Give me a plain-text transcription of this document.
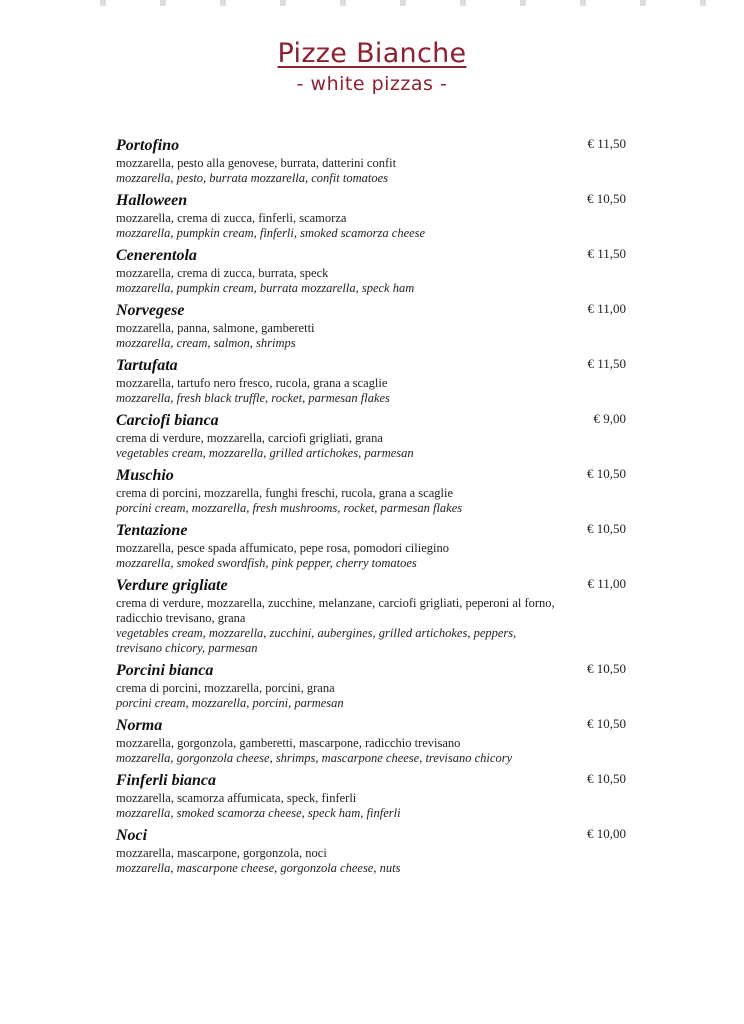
Pizze Bianche
- white pizzas -
Portofino	€ 11,50
mozzarella, pesto alla genovese, burrata, datterini confit
mozzarella, pesto, burrata mozzarella, confit tomatoes
Halloween	€ 10,50
mozzarella, crema di zucca, finferli, scamorza
mozzarella, pumpkin cream, finferli, smoked scamorza cheese
Cenerentola	€ 11,50
mozzarella, crema di zucca, burrata, speck
mozzarella, pumpkin cream, burrata mozzarella, speck ham
Norvegese	€ 11,00
mozzarella, panna, salmone, gamberetti
mozzarella, cream, salmon, shrimps
Tartufata	€ 11,50
mozzarella, tartufo nero fresco, rucola, grana a scaglie
mozzarella, fresh black truffle, rocket, parmesan flakes
Carciofi bianca	€ 9,00
crema di verdure, mozzarella, carciofi grigliati, grana
vegetables cream, mozzarella, grilled artichokes, parmesan
Muschio	€ 10,50
crema di porcini, mozzarella, funghi freschi, rucola, grana a scaglie
porcini cream, mozzarella, fresh mushrooms, rocket, parmesan flakes
Tentazione	€ 10,50
mozzarella, pesce spada affumicato, pepe rosa, pomodori ciliegino
mozzarella, smoked swordfish, pink pepper, cherry tomatoes
Verdure grigliate	€ 11,00
crema di verdure, mozzarella, zucchine, melanzane, carciofi grigliati, peperoni al forno, radicchio trevisano, grana
vegetables cream, mozzarella, zucchini, aubergines, grilled artichokes, peppers, trevisano chicory, parmesan
Porcini bianca	€ 10,50
crema di porcini, mozzarella, porcini, grana
porcini cream, mozzarella, porcini, parmesan
Norma	€ 10,50
mozzarella, gorgonzola, gamberetti, mascarpone, radicchio trevisano
mozzarella, gorgonzola cheese, shrimps, mascarpone cheese, trevisano chicory
Finferli bianca	€ 10,50
mozzarella, scamorza affumicata, speck, finferli
mozzarella, smoked scamorza cheese, speck ham, finferli
Noci	€ 10,00
mozzarella, mascarpone, gorgonzola, noci
mozzarella, mascarpone cheese, gorgonzola cheese, nuts
